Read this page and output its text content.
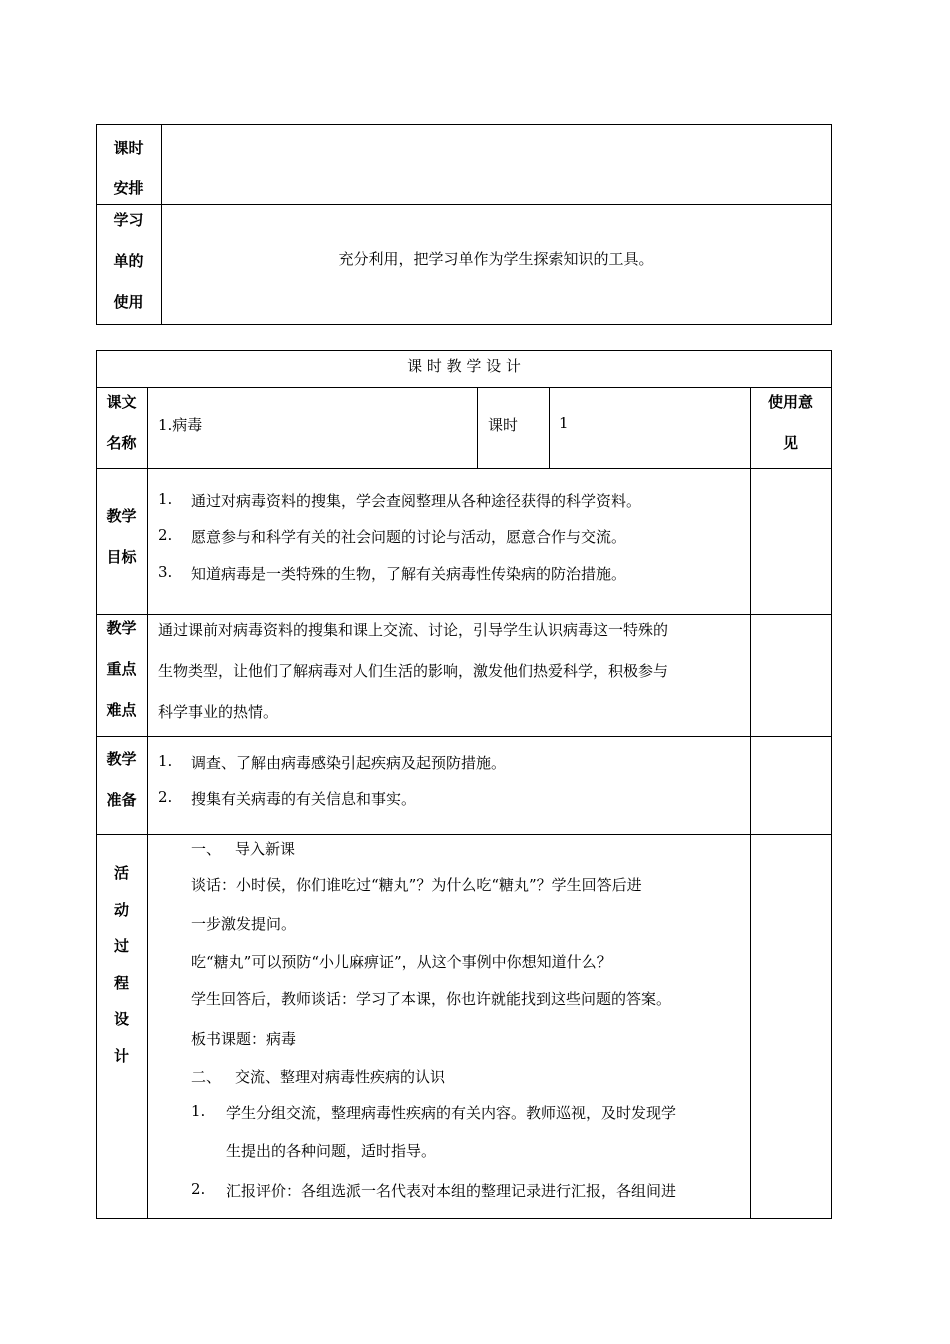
课时
安排
学习
单的
使用
充分利用，把学习单作为学生探索知识的工具。
课 时 教 学 设 计
课文
名称
1.病毒	课时	1
使用意
见
教学
目标
1. 通过对病毒资料的搜集，学会查阅整理从各种途径获得的科学资料。
2. 愿意参与和科学有关的社会问题的讨论与活动，愿意合作与交流。
3. 知道病毒是一类特殊的生物，了解有关病毒性传染病的防治措施。
教学
重点
难点
通过课前对病毒资料的搜集和课上交流、讨论，引导学生认识病毒这一特殊的
生物类型，让他们了解病毒对人们生活的影响，激发他们热爱科学，积极参与
科学事业的热情。
教学
准备
1. 调查、了解由病毒感染引起疾病及起预防措施。
2. 搜集有关病毒的有关信息和事实。
活
动
过
程
设
计
一、 导入新课
谈话：小时侯，你们谁吃过“糖丸”？为什么吃“糖丸”？学生回答后进
一步激发提问。
吃“糖丸”可以预防“小儿麻痹证”，从这个事例中你想知道什么？
学生回答后，教师谈话：学习了本课，你也许就能找到这些问题的答案。
板书课题：病毒
二、 交流、整理对病毒性疾病的认识
1. 学生分组交流，整理病毒性疾病的有关内容。教师巡视，及时发现学
生提出的各种问题，适时指导。
2. 汇报评价：各组选派一名代表对本组的整理记录进行汇报，各组间进
